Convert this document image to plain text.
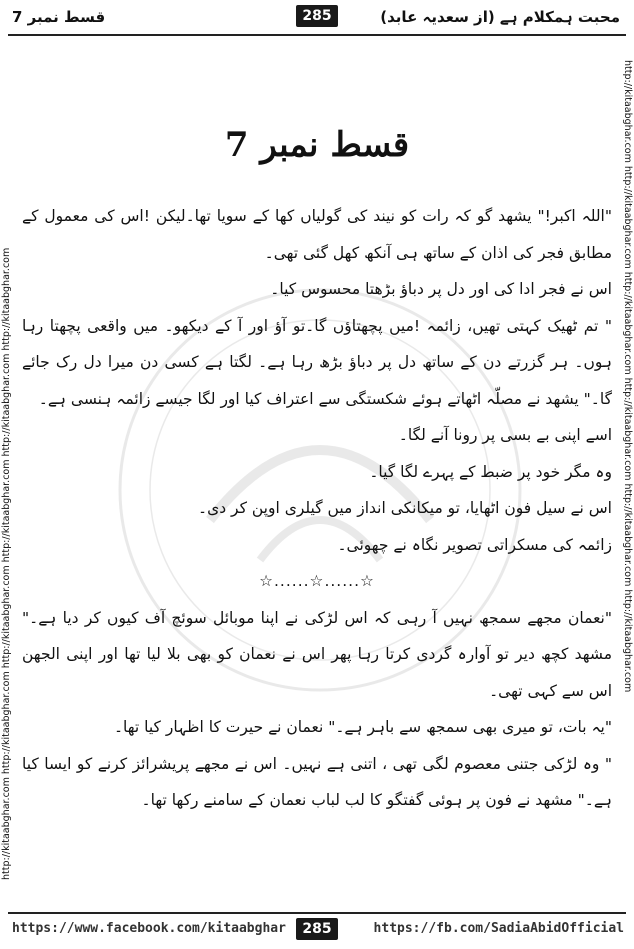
قسط نمبر 7	285	محبت ہمکلام ہے (از سعدیہ عابد)
http://kitaabghar.com http://kitaabghar.com http://kitaabghar.com http://kitaabghar.com http://kitaabghar.com http://kitaabghar.com	http://kitaabghar.com http://kitaabghar.com http://kitaabghar.com http://kitaabghar.com http://kitaabghar.com http://kitaabghar.com
قسط نمبر 7

"اللہ اکبر!" یشھد گو کہ رات کو نیند کی گولیاں کھا کے سویا تھا۔لیکن !اس کی معمول کے مطابق فجر کی اذان کے ساتھ ہی آنکھ کھل گئی تھی۔

اس نے فجر ادا کی اور دل پر دباؤ بڑھتا محسوس کیا۔

" تم ٹھیک کہتی تھیں، زائمہ !میں پچھتاؤں گا۔تو آؤ اور آ کے دیکھو۔ میں واقعی پچھتا رہا ہوں۔ ہر گزرتے دن کے ساتھ دل پر دباؤ بڑھ رہا ہے۔ لگتا ہے کسی دن میرا دل رک جائے گا۔" یشھد نے مصلّہ اٹھاتے ہوئے شکستگی سے اعتراف کیا اور لگا جیسے زائمہ ہنسی ہے۔

اسے اپنی بے بسی پر رونا آنے لگا۔

وہ مگر خود پر ضبط کے پہرے لگا گیا۔

اس نے سیل فون اٹھایا، تو میکانکی انداز میں گیلری اوپن کر دی۔

زائمہ کی مسکراتی تصویر نگاہ نے چھوئی۔

☆......☆......☆

"نعمان مجھے سمجھ نہیں آ رہی کہ اس لڑکی نے اپنا موبائل سوئچ آف کیوں کر دیا ہے۔" مشھد کچھ دیر تو آوارہ گردی کرتا رہا پھر اس نے نعمان کو بھی بلا لیا تھا اور اپنی الجھن اس سے کہی تھی۔

"یہ بات، تو میری بھی سمجھ سے باہر ہے۔" نعمان نے حیرت کا اظہار کیا تھا۔

" وہ لڑکی جتنی معصوم لگی تھی ، اتنی ہے نہیں۔ اس نے مجھے پریشرائز کرنے کو ایسا کیا ہے۔" مشھد نے فون پر ہوئی گفتگو کا لب لباب نعمان کے سامنے رکھا تھا۔

https://www.facebook.com/kitaabghar	285	https://fb.com/SadiaAbidOfficial
